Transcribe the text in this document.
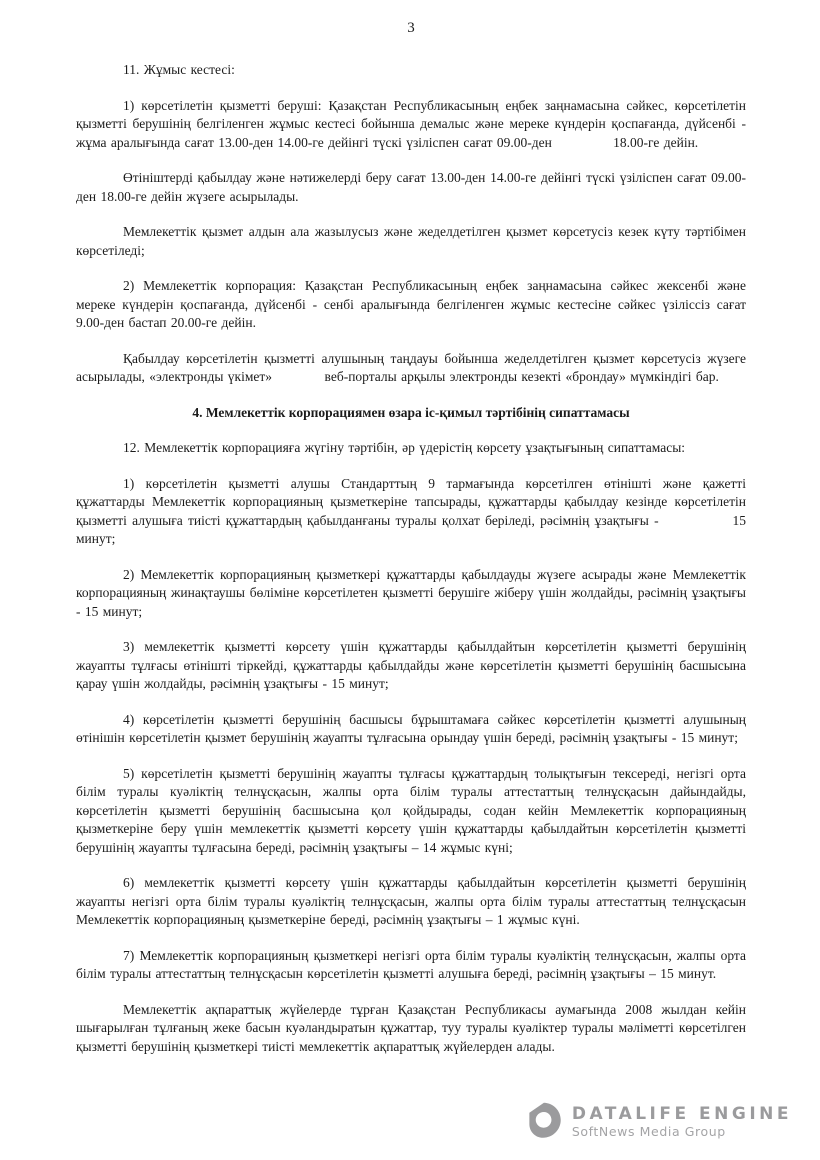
3

11. Жұмыс кестесі:

1) көрсетілетін қызметті беруші: Қазақстан Республикасының еңбек заңнамасына сәйкес, көрсетілетін қызметті берушінің белгіленген жұмыс кестесі бойынша демалыс және мереке күндерін қоспағанда, дүйсенбі - жұма аралығында сағат 13.00-ден 14.00-ге дейінгі түскі үзіліспен сағат 09.00-ден              18.00-ге дейін.

Өтініштерді қабылдау және нәтижелерді беру сағат 13.00-ден 14.00-ге дейінгі түскі үзіліспен сағат 09.00-ден 18.00-ге дейін жүзеге асырылады.

Мемлекеттік қызмет алдын ала жазылусыз және жеделдетілген қызмет көрсетусіз кезек күту тәртібімен көрсетіледі;

2) Мемлекеттік корпорация: Қазақстан Республикасының еңбек заңнамасына сәйкес жексенбі және мереке күндерін қоспағанда, дүйсенбі - сенбі аралығында белгіленген жұмыс кестесіне сәйкес үзіліссіз сағат 9.00-ден бастап 20.00-ге дейін.

Қабылдау көрсетілетін қызметті алушының таңдауы бойынша жеделдетілген қызмет көрсетусіз жүзеге асырылады, «электронды үкімет»            веб-порталы арқылы электронды кезекті «брондау» мүмкіндігі бар.

4. Мемлекеттік корпорациямен өзара іс-қимыл тәртібінің сипаттамасы

12. Мемлекеттік корпорацияға жүгіну тәртібін, әр үдерістің көрсету ұзақтығының сипаттамасы:

1) көрсетілетін қызметті алушы Стандарттың 9 тармағында көрсетілген өтінішті және қажетті құжаттарды Мемлекеттік корпорацияның қызметкеріне тапсырады, құжаттарды қабылдау кезінде көрсетілетін қызметті алушыға тиісті құжаттардың қабылданғаны туралы қолхат беріледі, рәсімнің ұзақтығы -              15 минут;

2) Мемлекеттік корпорацияның қызметкері құжаттарды қабылдауды жүзеге асырады және Мемлекеттік корпорацияның жинақтаушы бөліміне көрсетілетен қызметті берушіге жіберу үшін жолдайды, рәсімнің ұзақтығы - 15 минут;

3) мемлекеттік қызметті көрсету үшін құжаттарды қабылдайтын көрсетілетін қызметті берушінің жауапты тұлғасы өтінішті тіркейді, құжаттарды қабылдайды және көрсетілетін қызметті берушінің басшысына қарау үшін жолдайды, рәсімнің ұзақтығы - 15 минут;

4) көрсетілетін қызметті берушінің басшысы бұрыштамаға сәйкес көрсетілетін қызметті алушының өтінішін көрсетілетін қызмет берушінің жауапты тұлғасына орындау үшін береді, рәсімнің ұзақтығы - 15 минут;

5) көрсетілетін қызметті берушінің жауапты тұлғасы құжаттардың толықтығын тексереді, негізгі орта білім туралы куәліктің телнұсқасын, жалпы орта білім туралы аттестаттың телнұсқасын дайындайды, көрсетілетін қызметті берушінің басшысына қол қойдырады, содан кейін Мемлекеттік корпорацияның қызметкеріне беру үшін мемлекеттік қызметті көрсету үшін құжаттарды қабылдайтын көрсетілетін қызметті берушінің жауапты тұлғасына береді, рәсімнің ұзақтығы – 14 жұмыс күні;

6) мемлекеттік қызметті көрсету үшін құжаттарды қабылдайтын көрсетілетін қызметті берушінің жауапты негізгі орта білім туралы куәліктің телнұсқасын, жалпы орта білім туралы аттестаттың телнұсқасын Мемлекеттік корпорацияның қызметкеріне береді, рәсімнің ұзақтығы – 1 жұмыс күні.

7) Мемлекеттік корпорацияның қызметкері негізгі орта білім туралы куәліктің телнұсқасын, жалпы орта білім туралы аттестаттың телнұсқасын көрсетілетін қызметті алушыға береді, рәсімнің ұзақтығы – 15 минут.

Мемлекеттік ақпараттық жүйелерде тұрған Қазақстан Республикасы аумағында 2008 жылдан кейін шығарылған тұлғаның жеке басын куәландыратын құжаттар, туу туралы куәліктер туралы мәліметті көрсетілген қызметті берушінің қызметкері тиісті мемлекеттік ақпараттық жүйелерден алады.

DATALIFE ENGINE
SoftNews Media Group
